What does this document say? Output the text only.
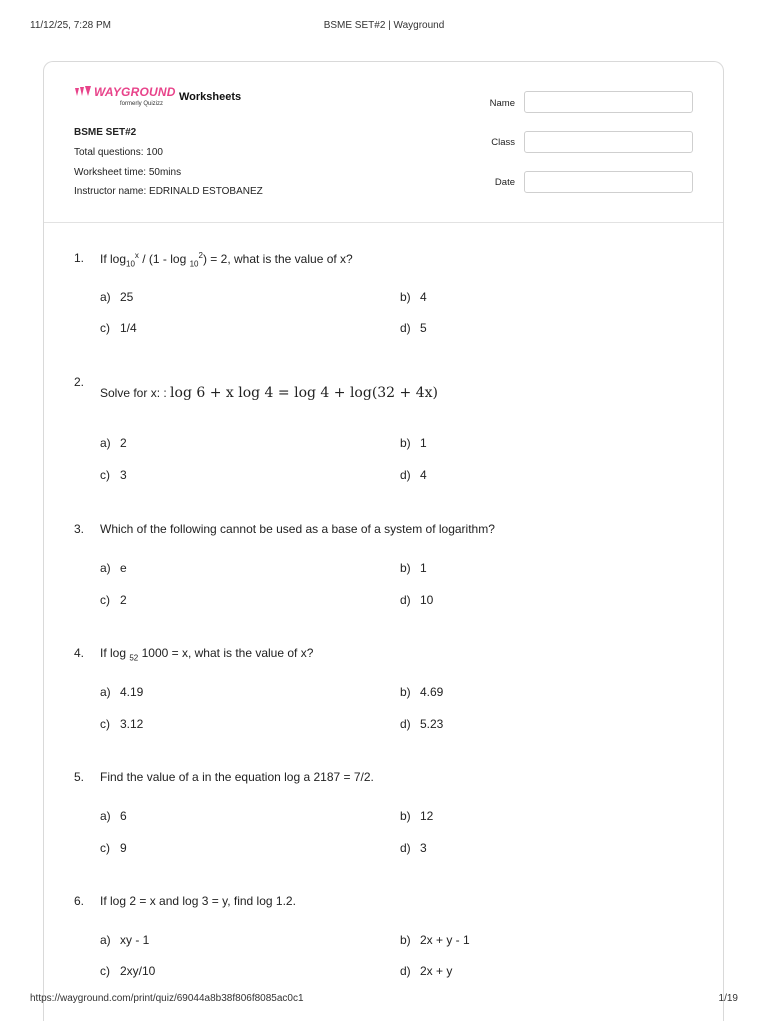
11/12/25, 7:28 PM	BSME SET#2 | Wayground
WAYGROUND
formerly Quizizz
Worksheets
BSME SET#2
Total questions: 100
Worksheet time: 50mins
Instructor name: EDRINALD ESTOBANEZ
Name
Class
Date
1. If $\log_{10}^x / (1 - \log _{10}^2) = 2$, what is the value of x?
a) 25	b) 4
c) 1/4	d) 5
2.
Solve for x: : log 6 + x log 4 = log 4 + log(32 + 4x)
a) 2	b) 1
c) 3	d) 4
3. Which of the following cannot be used as a base of a system of logarithm?
a) e	b) 1
c) 2	d) 10
4. If log $_{52}$ 1000 = x, what is the value of x?
a) 4.19	b) 4.69
c) 3.12	d) 5.23
5. Find the value of a in the equation log a 2187 = 7/2.
a) 6	b) 12
c) 9	d) 3
6. If log 2 = x and log 3 = y, find log 1.2.
a) xy - 1	b) 2x + y - 1
c) 2xy/10	d) 2x + y
https://wayground.com/print/quiz/69044a8b38f806f8085ac0c1	1/19
